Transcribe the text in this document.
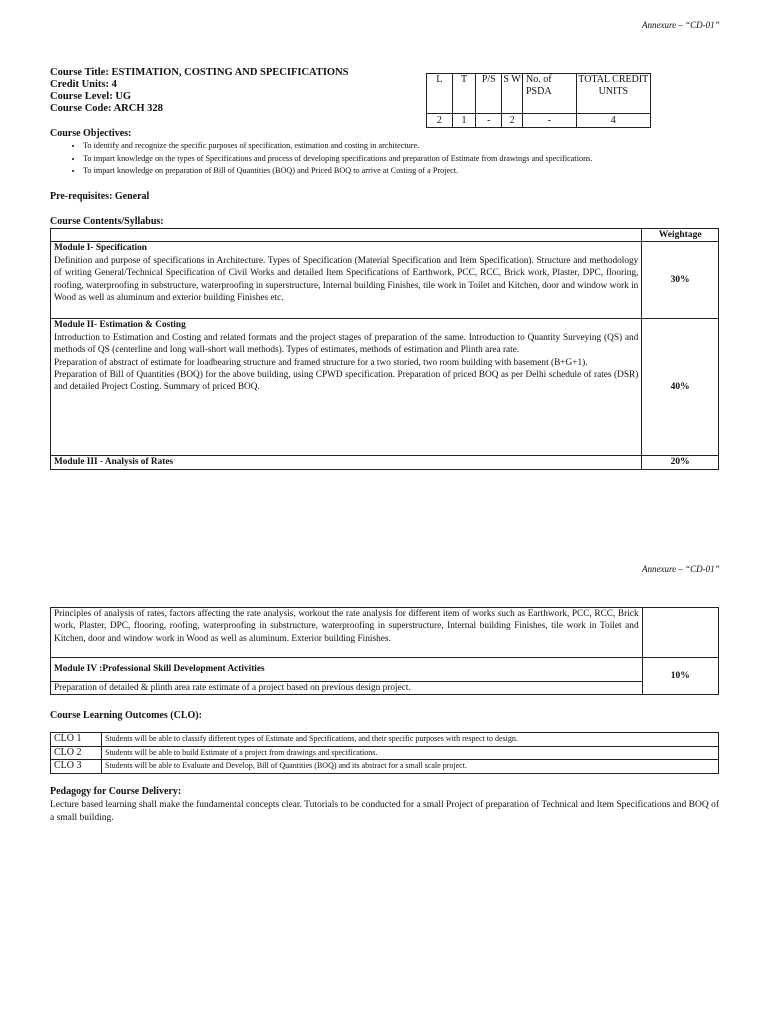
Annexure – “CD-01”
Course Title: ESTIMATION, COSTING AND SPECIFICATIONS
Credit Units: 4
Course Level: UG
Course Code: ARCH 328
L	T	P/S	S W	No. of PSDA	TOTAL CREDIT UNITS
2	1	-	2	-	4
Course Objectives:
• To identify and recognize the specific purposes of specification, estimation and costing in architecture.
• To impart knowledge on the types of Specifications and process of developing specifications and preparation of Estimate from drawings and specifications.
• To impart knowledge on preparation of Bill of Quantities (BOQ) and Priced BOQ to arrive at Costing of a Project.
Pre-requisites: General
Course Contents/Syllabus:
	Weightage

Module I- Specification
Definition and purpose of specifications in Architecture. Types of Specification (Material Specification and Item Specification). Structure and methodology of writing General/Technical Specification of Civil Works and detailed Item Specifications of Earthwork, PCC, RCC, Brick work, Plaster, DPC, flooring, roofing, waterproofing in substructure, waterproofing in superstructure, Internal building Finishes, tile work in Toilet and Kitchen, door and window work in Wood as well as aluminum and exterior building Finishes etc.	30%

Module II- Estimation & Costing
Introduction to Estimation and Costing and related formats and the project stages of preparation of the same. Introduction to Quantity Surveying (QS) and methods of QS (centerline and long wall-short wall methods). Types of estimates, methods of estimation and Plinth area rate.
Preparation of abstract of estimate for loadbearing structure and framed structure for a two storied, two room building with basement (B+G+1).
Preparation of Bill of Quantities (BOQ) for the above building, using CPWD specification. Preparation of priced BOQ as per Delhi schedule of rates (DSR) and detailed Project Costing. Summary of priced BOQ.	40%
Module III - Analysis of Rates	20%
Annexure – “CD-01”
Principles of analysis of rates, factors affecting the rate analysis, workout the rate analysis for different item of works such as Earthwork, PCC, RCC, Brick work, Plaster, DPC, flooring, roofing, waterproofing in substructure, waterproofing in superstructure, Internal building Finishes, tile work in Toilet and Kitchen, door and window work in Wood as well as aluminum. Exterior building Finishes.	
Module IV :Professional Skill Development Activities	10%
Preparation of detailed & plinth area rate estimate of a project based on previous design project.	
Course Learning Outcomes (CLO):
CLO 1	Students will be able to classify different types of Estimate and Specifications, and their specific purposes with respect to design.
CLO 2	Students will be able to build Estimate of a project from drawings and specifications.
CLO 3	Students will be able to Evaluate and Develop, Bill of Quantities (BOQ) and its abstract for a small scale project.
Pedagogy for Course Delivery:
Lecture based learning shall make the fundamental concepts clear. Tutorials to be conducted for a small Project of preparation of Technical and Item Specifications and BOQ of a small building.
